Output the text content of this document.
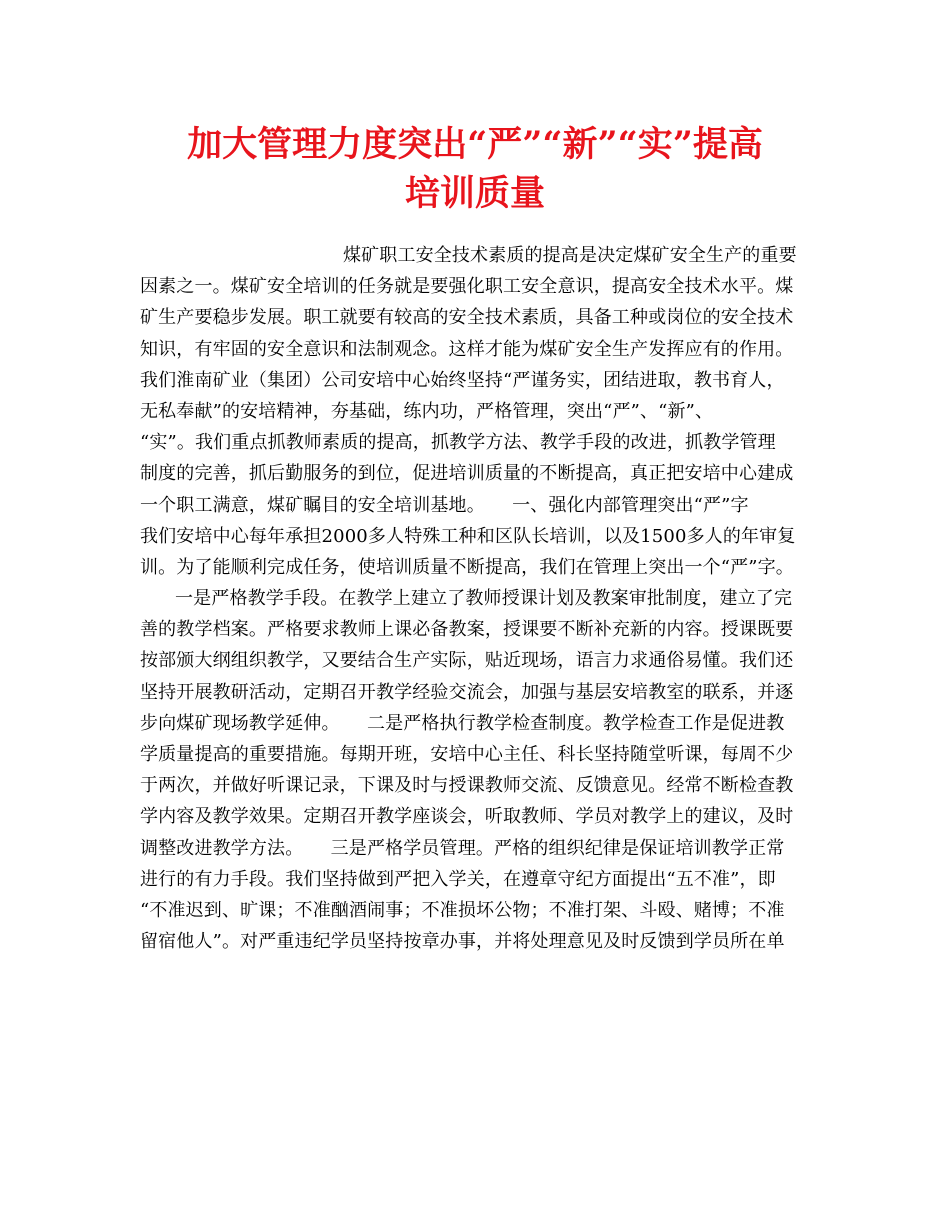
加大管理力度突出“严”“新”“实”提高
培训质量
煤矿职工安全技术素质的提高是决定煤矿安全生产的重要
因素之一。煤矿安全培训的任务就是要强化职工安全意识，提高安全技术水平。煤
矿生产要稳步发展。职工就要有较高的安全技术素质，具备工种或岗位的安全技术
知识，有牢固的安全意识和法制观念。这样才能为煤矿安全生产发挥应有的作用。
我们淮南矿业（集团）公司安培中心始终坚持“严谨务实，团结进取，教书育人，
无私奉献”的安培精神，夯基础，练内功，严格管理，突出“严”、“新”、
“实”。我们重点抓教师素质的提高，抓教学方法、教学手段的改进，抓教学管理
制度的完善，抓后勤服务的到位，促进培训质量的不断提高，真正把安培中心建成
一个职工满意，煤矿瞩目的安全培训基地。　　一、强化内部管理突出“严”字
我们安培中心每年承担2000多人特殊工种和区队长培训，以及1500多人的年审复
训。为了能顺利完成任务，使培训质量不断提高，我们在管理上突出一个“严”字。
一是严格教学手段。在教学上建立了教师授课计划及教案审批制度，建立了完
善的教学档案。严格要求教师上课必备教案，授课要不断补充新的内容。授课既要
按部颁大纲组织教学，又要结合生产实际，贴近现场，语言力求通俗易懂。我们还
坚持开展教研活动，定期召开教学经验交流会，加强与基层安培教室的联系，并逐
步向煤矿现场教学延伸。　　二是严格执行教学检查制度。教学检查工作是促进教
学质量提高的重要措施。每期开班，安培中心主任、科长坚持随堂听课，每周不少
于两次，并做好听课记录，下课及时与授课教师交流、反馈意见。经常不断检查教
学内容及教学效果。定期召开教学座谈会，听取教师、学员对教学上的建议，及时
调整改进教学方法。　　三是严格学员管理。严格的组织纪律是保证培训教学正常
进行的有力手段。我们坚持做到严把入学关，在遵章守纪方面提出“五不准”，即
“不准迟到、旷课；不准酗酒闹事；不准损坏公物；不准打架、斗殴、赌博；不准
留宿他人”。对严重违纪学员坚持按章办事，并将处理意见及时反馈到学员所在单
